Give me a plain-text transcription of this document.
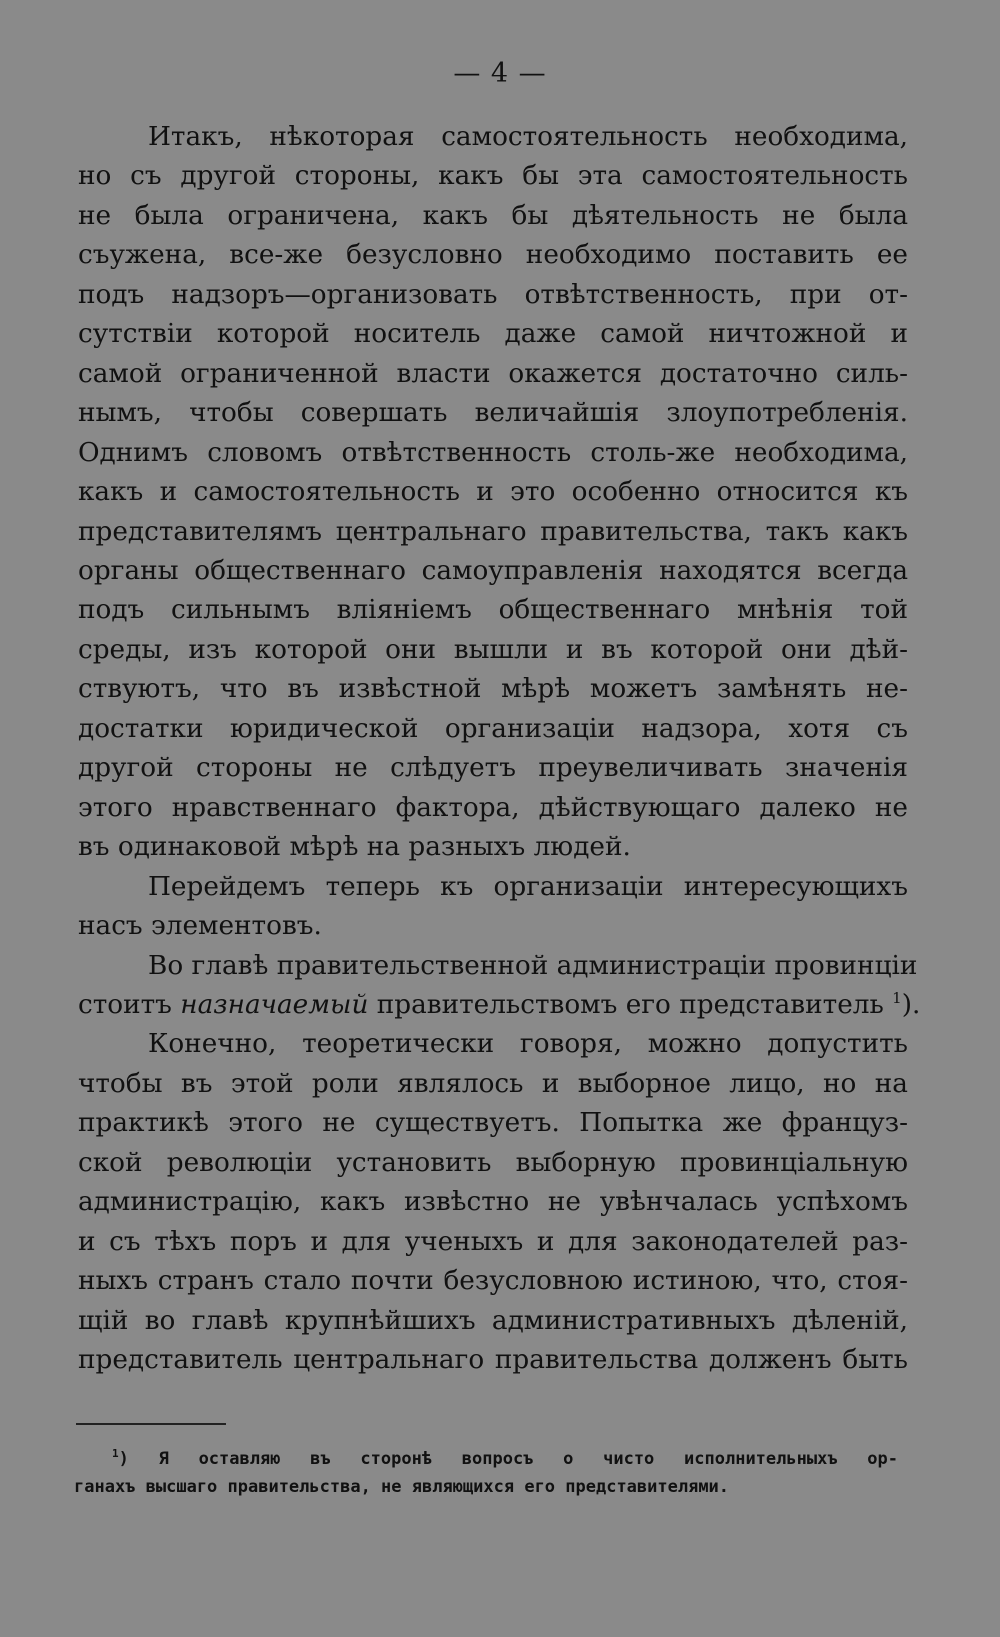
— 4 —
Итакъ, нѣкоторая самостоятельность необходима,
но съ другой стороны, какъ бы эта самостоятельность
не была ограничена, какъ бы дѣятельность не была
съужена, все-же безусловно необходимо поставить ее
подъ надзоръ—организовать отвѣтственность, при от-
сутствіи которой носитель даже самой ничтожной и
самой ограниченной власти окажется достаточно силь-
нымъ, чтобы совершать величайшія злоупотребленія.
Однимъ словомъ отвѣтственность столь-же необходима,
какъ и самостоятельность и это особенно относится къ
представителямъ центральнаго правительства, такъ какъ
органы общественнаго самоуправленія находятся всегда
подъ сильнымъ вліяніемъ общественнаго мнѣнія той
среды, изъ которой они вышли и въ которой они дѣй-
ствуютъ, что въ извѣстной мѣрѣ можетъ замѣнять не-
достатки юридической организаціи надзора, хотя съ
другой стороны не слѣдуетъ преувеличивать значенія
этого нравственнаго фактора, дѣйствующаго далеко не
въ одинаковой мѣрѣ на разныхъ людей.
Перейдемъ теперь къ организаціи интересующихъ
насъ элементовъ.
Во главѣ правительственной администраціи провинціи
стоитъ назначаемый правительствомъ его представитель $^1$).
Конечно, теоретически говоря, можно допустить
чтобы въ этой роли являлось и выборное лицо, но на
практикѣ этого не существуетъ. Попытка же француз-
ской революціи установить выборную провинціальную
администрацію, какъ извѣстно не увѣнчалась успѣхомъ
и съ тѣхъ поръ и для ученыхъ и для законодателей раз-
ныхъ странъ стало почти безусловною истиною, что, стоя-
щій во главѣ крупнѣйшихъ административныхъ дѣленій,
представитель центральнаго правительства долженъ быть
$^1$) Я оставляю въ сторонѣ вопросъ о чисто исполнительныхъ ор-
ганахъ высшаго правительства, не являющихся его представителями.
